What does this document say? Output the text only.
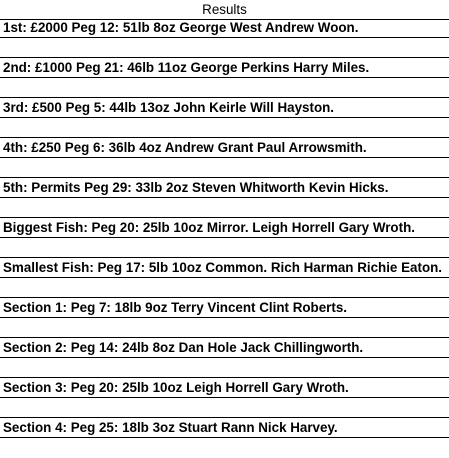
Results
1st: £2000 Peg 12: 51lb 8oz George West Andrew Woon.
2nd: £1000 Peg 21: 46lb 11oz George Perkins Harry Miles.
3rd: £500 Peg 5: 44lb 13oz John Keirle Will Hayston.
4th: £250 Peg 6: 36lb 4oz Andrew Grant Paul Arrowsmith.
5th: Permits Peg 29: 33lb 2oz Steven Whitworth Kevin Hicks.
Biggest Fish: Peg 20: 25lb 10oz Mirror. Leigh Horrell Gary Wroth.
Smallest Fish: Peg 17: 5lb 10oz Common. Rich Harman Richie Eaton.
Section 1: Peg 7: 18lb 9oz Terry Vincent Clint Roberts.
Section 2: Peg 14: 24lb 8oz Dan Hole Jack Chillingworth.
Section 3: Peg 20: 25lb 10oz Leigh Horrell Gary Wroth.
Section 4: Peg 25: 18lb 3oz Stuart Rann Nick Harvey.
